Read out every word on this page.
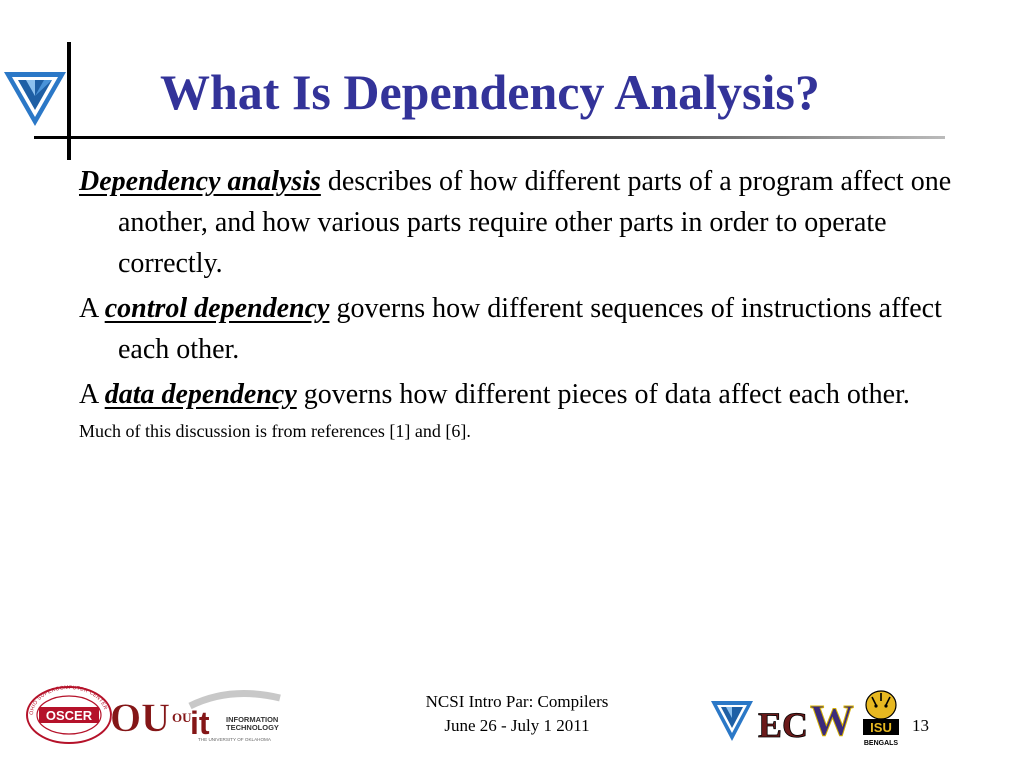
What Is Dependency Analysis?

Dependency analysis describes of how different parts of a program affect one another, and how various parts require other parts in order to operate correctly.

A control dependency governs how different sequences of instructions affect each other.

A data dependency governs how different pieces of data affect each other.

Much of this discussion is from references [1] and [6].

OHIO SUPERCOMPUTER CENTER
OSCER OU OU
it INFORMATION
TECHNOLOGY
THE UNIVERSITY OF OKLAHOMA
NCSI Intro Par: Compilers
June 26 - July 1 2011	EC W ISU
BENGALS
13
